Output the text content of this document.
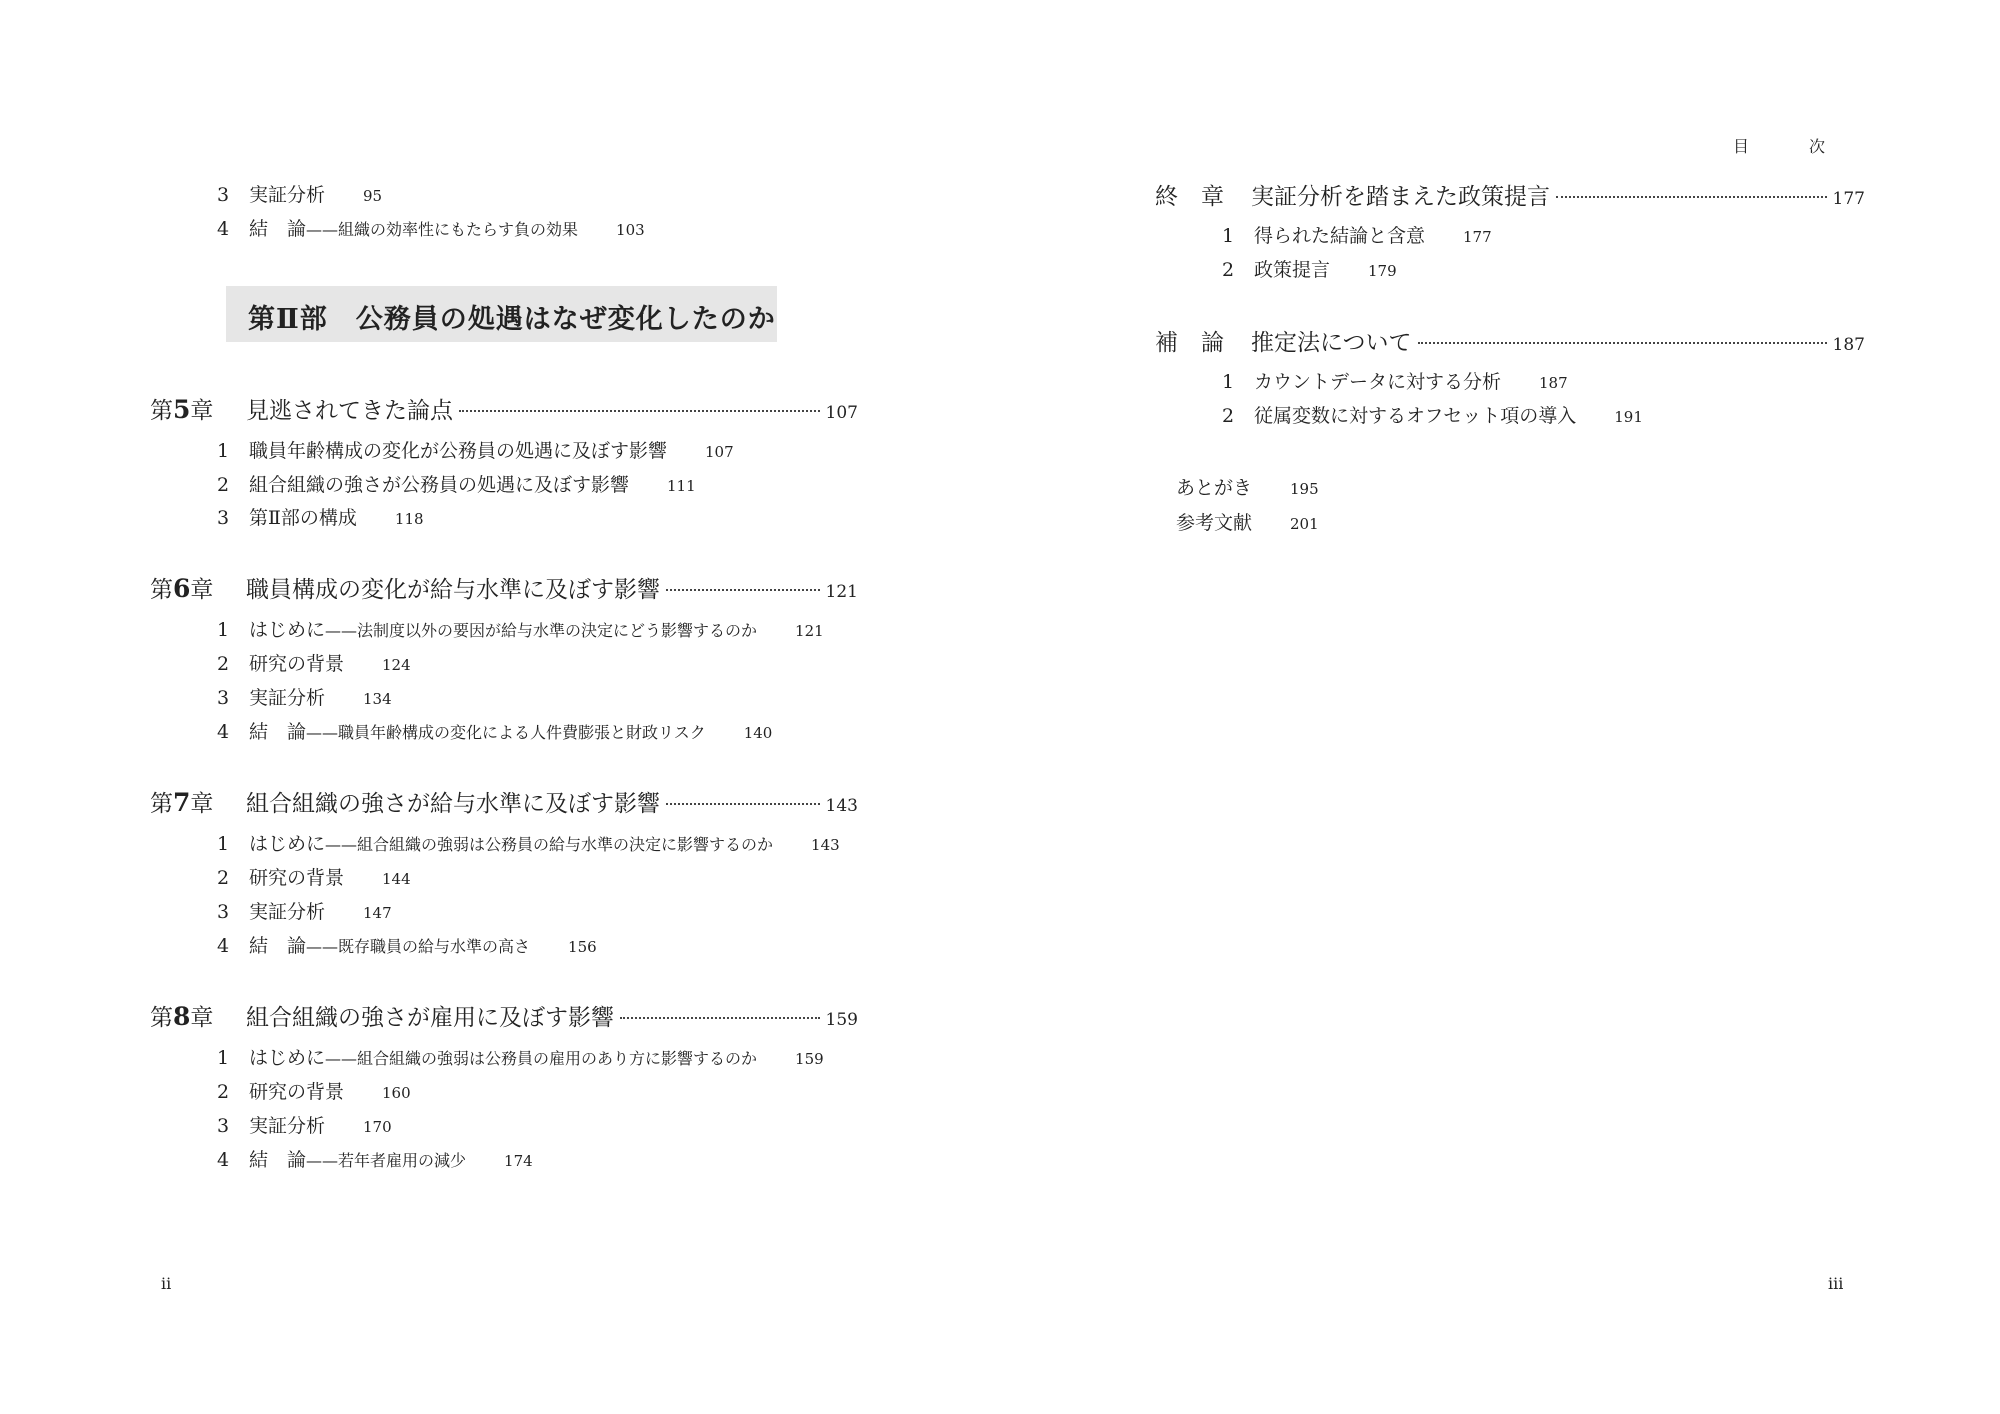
3 実証分析	95
4 結　論——組織の効率性にもたらす負の効果	103
第Ⅱ部　公務員の処遇はなぜ変化したのか
第5章	見逃されてきた論点	107
1 職員年齢構成の変化が公務員の処遇に及ぼす影響	107
2 組合組織の強さが公務員の処遇に及ぼす影響	111
3 第Ⅱ部の構成	118
第6章	職員構成の変化が給与水準に及ぼす影響	121
1 はじめに——法制度以外の要因が給与水準の決定にどう影響するのか	121
2 研究の背景	124
3 実証分析	134
4 結　論——職員年齢構成の変化による人件費膨張と財政リスク	140
第7章	組合組織の強さが給与水準に及ぼす影響	143
1 はじめに——組合組織の強弱は公務員の給与水準の決定に影響するのか	143
2 研究の背景	144
3 実証分析	147
4 結　論——既存職員の給与水準の高さ	156
第8章	組合組織の強さが雇用に及ぼす影響	159
1 はじめに——組合組織の強弱は公務員の雇用のあり方に影響するのか	159
2 研究の背景	160
3 実証分析	170
4 結　論——若年者雇用の減少	174
ii
目　次
終　章	実証分析を踏まえた政策提言	177
1 得られた結論と含意	177
2 政策提言	179
補　論	推定法について	187
1 カウントデータに対する分析	187
2 従属変数に対するオフセット項の導入	191
あとがき	195
参考文献	201
iii
